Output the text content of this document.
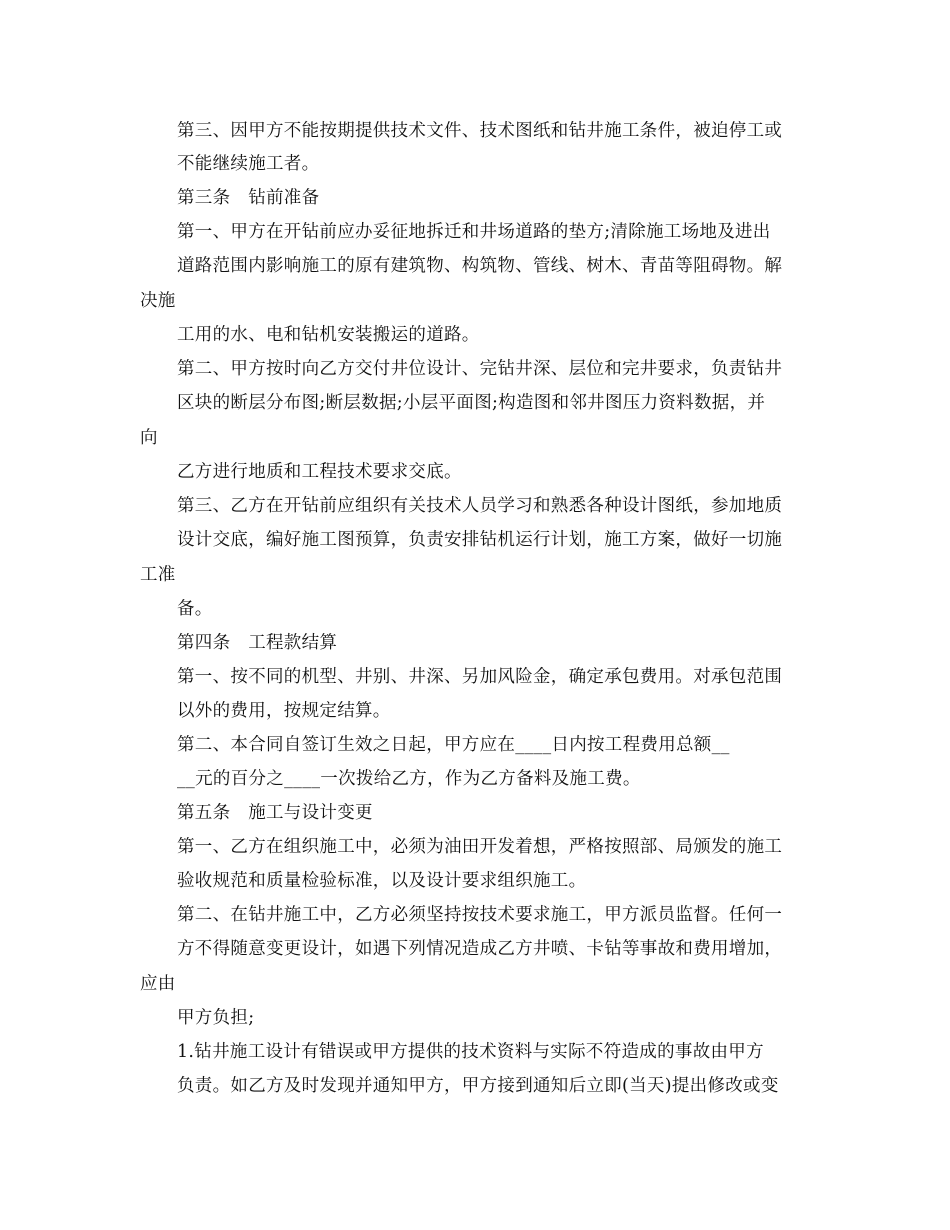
第三、因甲方不能按期提供技术文件、技术图纸和钻井施工条件，被迫停工或
不能继续施工者。
第三条　钻前准备
第一、甲方在开钻前应办妥征地拆迁和井场道路的垫方;清除施工场地及进出
道路范围内影响施工的原有建筑物、构筑物、管线、树木、青苗等阻碍物。解
决施
工用的水、电和钻机安装搬运的道路。
第二、甲方按时向乙方交付井位设计、完钻井深、层位和完井要求，负责钻井
区块的断层分布图;断层数据;小层平面图;构造图和邻井图压力资料数据，并
向
乙方进行地质和工程技术要求交底。
第三、乙方在开钻前应组织有关技术人员学习和熟悉各种设计图纸，参加地质
设计交底，编好施工图预算，负责安排钻机运行计划，施工方案，做好一切施
工准
备。
第四条　工程款结算
第一、按不同的机型、井别、井深、另加风险金，确定承包费用。对承包范围
以外的费用，按规定结算。
第二、本合同自签订生效之日起，甲方应在____日内按工程费用总额__
__元的百分之____一次拨给乙方，作为乙方备料及施工费。
第五条　施工与设计变更
第一、乙方在组织施工中，必须为油田开发着想，严格按照部、局颁发的施工
验收规范和质量检验标准，以及设计要求组织施工。
第二、在钻井施工中，乙方必须坚持按技术要求施工，甲方派员监督。任何一
方不得随意变更设计，如遇下列情况造成乙方井喷、卡钻等事故和费用增加，
应由
甲方负担;
1.钻井施工设计有错误或甲方提供的技术资料与实际不符造成的事故由甲方
负责。如乙方及时发现并通知甲方，甲方接到通知后立即(当天)提出修改或变
